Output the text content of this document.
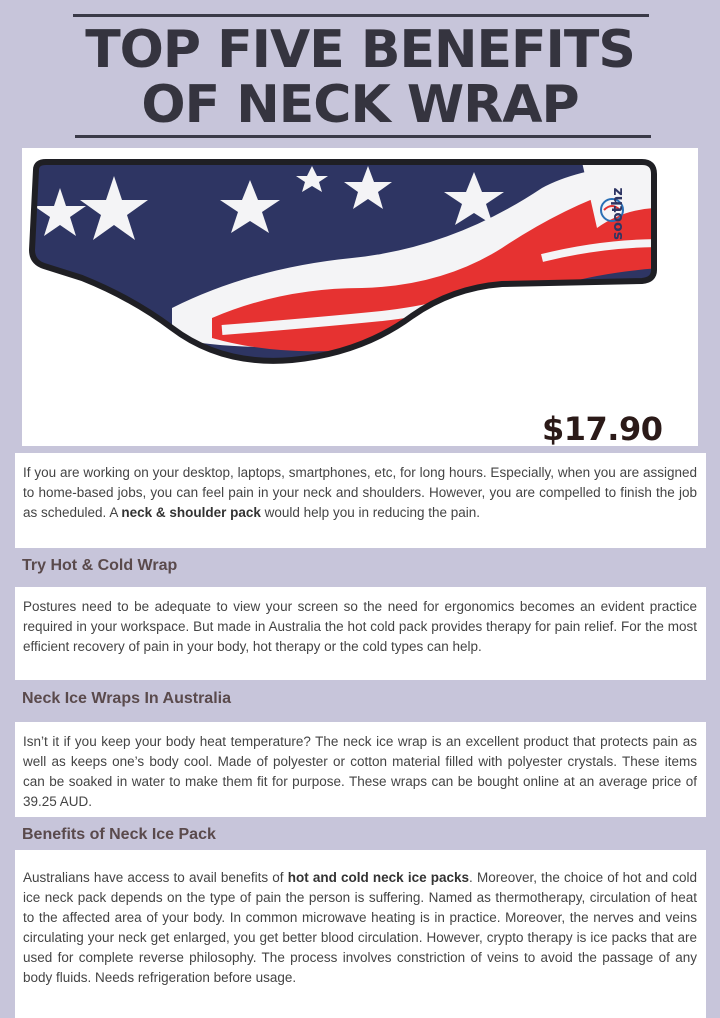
TOP FIVE BENEFITS
OF NECK WRAP
soothz
$17.90
If you are working on your desktop, laptops, smartphones, etc, for long hours. Especially, when you are assigned to home-based jobs, you can feel pain in your neck and shoulders. However, you are compelled to finish the job as scheduled. A neck & shoulder pack would help you in reducing the pain.
Try Hot & Cold Wrap
Postures need to be adequate to view your screen so the need for ergonomics becomes an evident practice required in your workspace. But made in Australia the hot cold pack provides therapy for pain relief. For the most efficient recovery of pain in your body, hot therapy or the cold types can help.
Neck Ice Wraps In Australia
Isn’t it if you keep your body heat temperature? The neck ice wrap is an excellent product that protects pain as well as keeps one’s body cool. Made of polyester or cotton material filled with polyester crystals. These items can be soaked in water to make them fit for purpose. These wraps can be bought online at an average price of 39.25 AUD.
Benefits of Neck Ice Pack
Australians have access to avail benefits of hot and cold neck ice packs. Moreover, the choice of hot and cold ice neck pack depends on the type of pain the person is suffering. Named as thermotherapy, circulation of heat to the affected area of your body. In common microwave heating is in practice. Moreover, the nerves and veins circulating your neck get enlarged, you get better blood circulation. However, crypto therapy is ice packs that are used for complete reverse philosophy. The process involves constriction of veins to avoid the passage of any body fluids. Needs refrigeration before usage.
